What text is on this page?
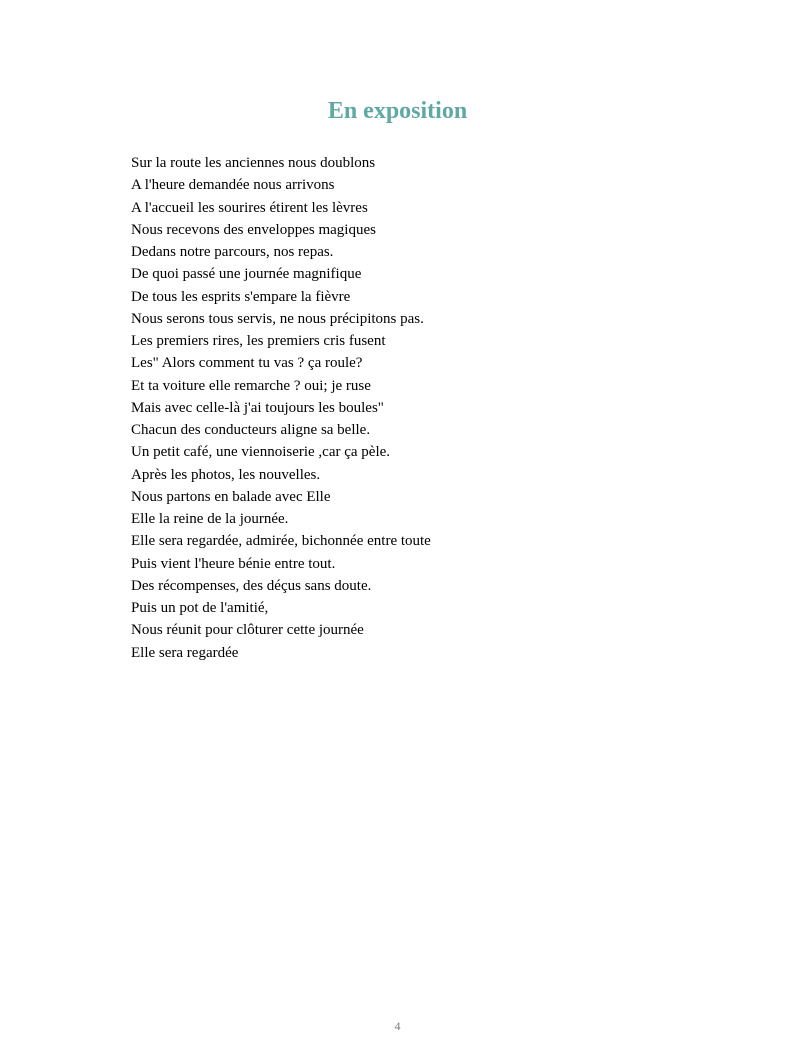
En exposition
Sur la route les anciennes nous doublons
A l'heure demandée nous arrivons
A l'accueil les sourires étirent les lèvres
Nous recevons des enveloppes magiques
Dedans notre parcours, nos repas.
De quoi passé une journée magnifique
De tous les esprits s'empare la fièvre
Nous serons tous servis, ne nous précipitons pas.
Les premiers rires, les premiers cris fusent
Les" Alors comment tu vas ? ça roule?
Et ta voiture elle remarche ? oui; je ruse
Mais avec celle-là j'ai toujours les boules"
Chacun des conducteurs aligne sa belle.
Un petit café, une viennoiserie ,car ça pèle.
Après les photos, les nouvelles.
Nous partons en balade avec Elle
Elle la reine de la journée.
Elle sera regardée, admirée, bichonnée entre toute
Puis vient l'heure bénie entre tout.
Des récompenses, des déçus sans doute.
Puis un pot de l'amitié,
Nous réunit pour clôturer cette journée
Elle sera regardée
4
